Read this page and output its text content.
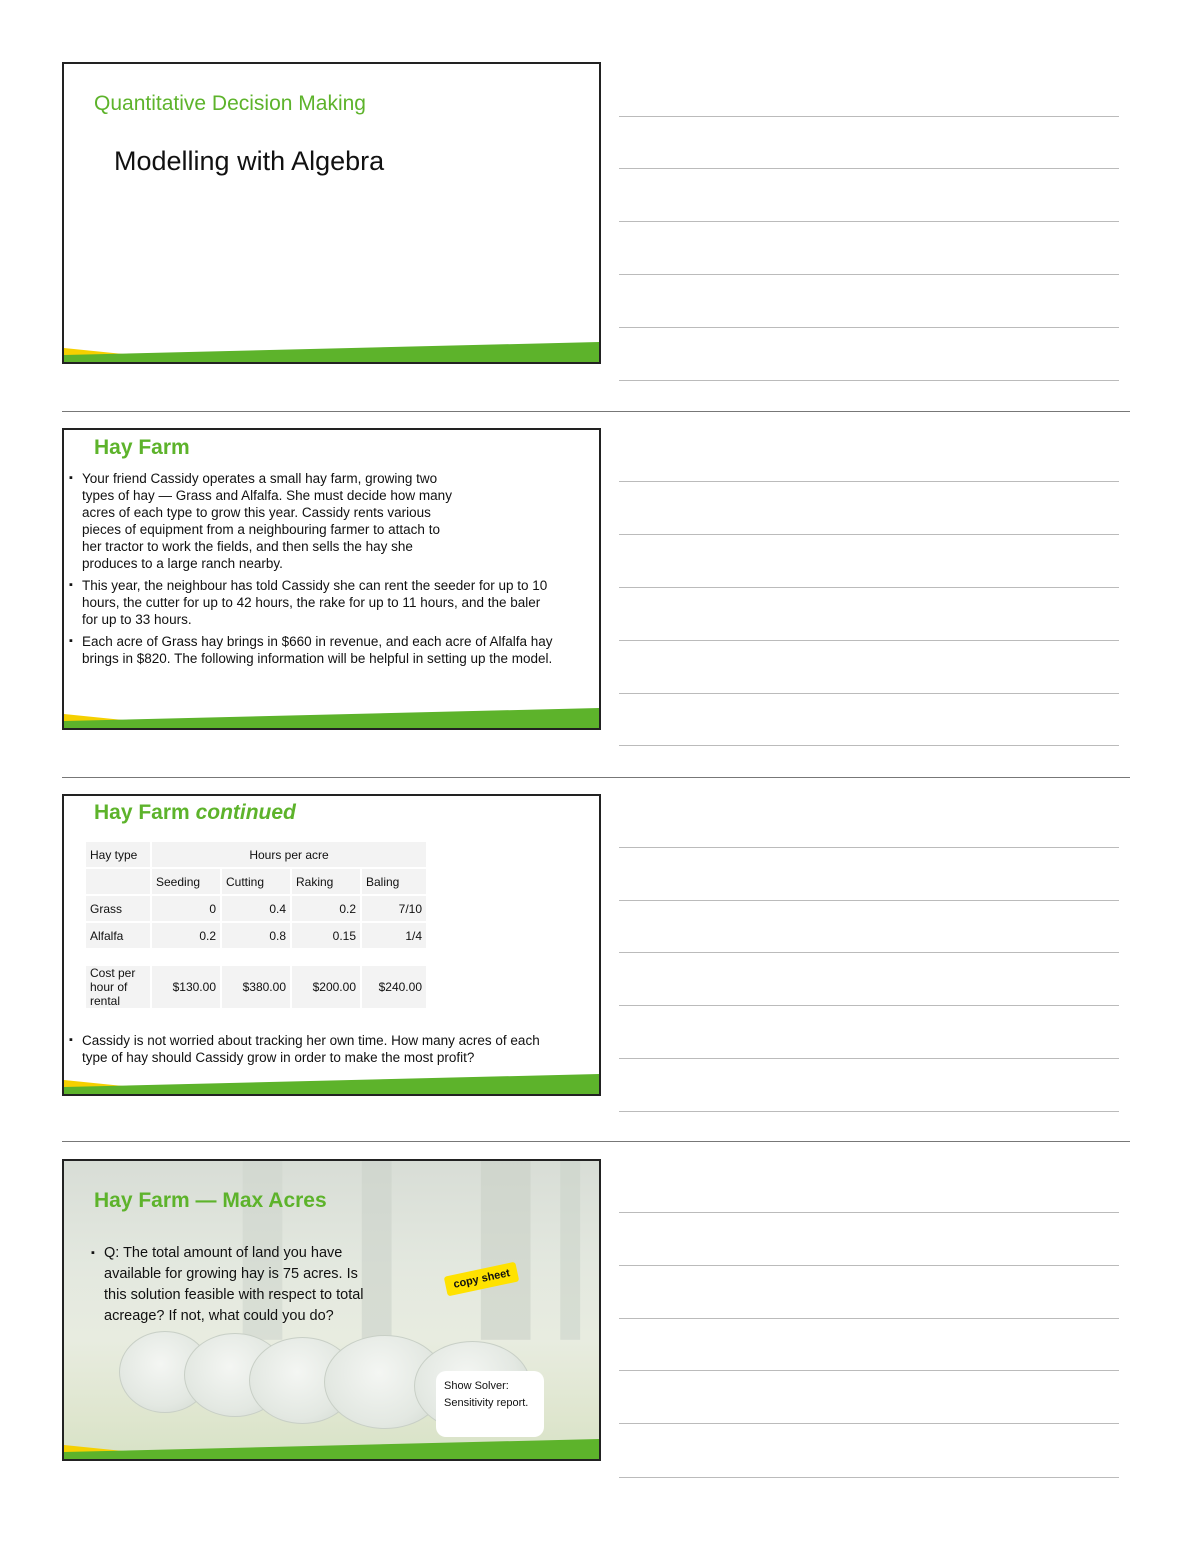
Quantitative Decision Making
Modelling with Algebra
Hay Farm
▪ Your friend Cassidy operates a small hay farm, growing two types of hay — Grass and Alfalfa. She must decide how many acres of each type to grow this year. Cassidy rents various pieces of equipment from a neighbouring farmer to attach to her tractor to work the fields, and then sells the hay she produces to a large ranch nearby.
▪ This year, the neighbour has told Cassidy she can rent the seeder for up to 10 hours, the cutter for up to 42 hours, the rake for up to 11 hours, and the baler for up to 33 hours.
▪ Each acre of Grass hay brings in $660 in revenue, and each acre of Alfalfa hay brings in $820. The following information will be helpful in setting up the model.
Hay Farm continued
Hay type	Hours per acre			
	Seeding	Cutting	Raking	Baling
Grass	0	0.4	0.2	7/10
Alfalfa	0.2	0.8	0.15	1/4

Cost per hour of rental	$130.00	$380.00	$200.00	$240.00
▪ Cassidy is not worried about tracking her own time. How many acres of each type of hay should Cassidy grow in order to make the most profit?
Hay Farm — Max Acres
▪ Q: The total amount of land you have available for growing hay is 75 acres. Is this solution feasible with respect to total acreage? If not, what could you do?
copy sheet
Show Solver:
Sensitivity report.
